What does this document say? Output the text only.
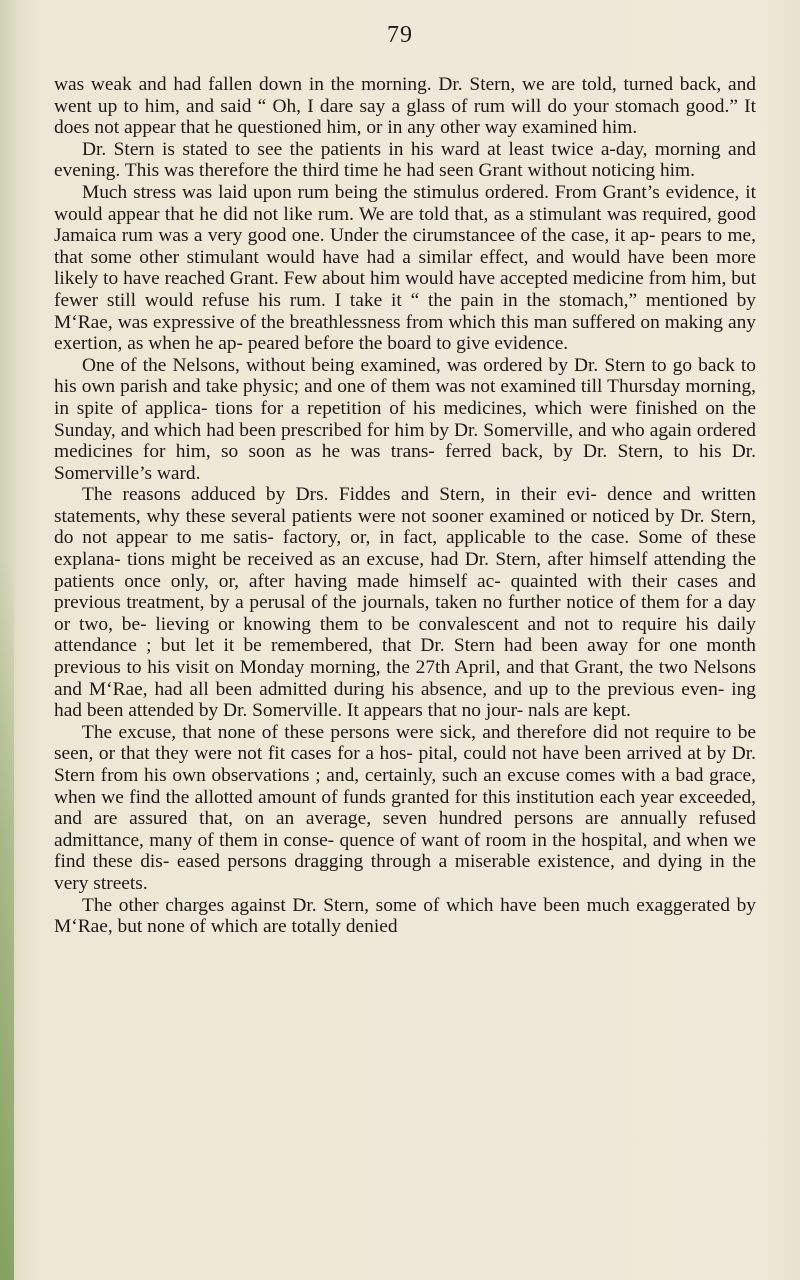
79

was weak and had fallen down in the morning. Dr. Stern, we are told, turned back, and went up to him, and said “ Oh, I dare say a glass of rum will do your stomach good.” It does not appear that he questioned him, or in any other way examined him.

Dr. Stern is stated to see the patients in his ward at least twice a-day, morning and evening. This was therefore the third time he had seen Grant without noticing him.

Much stress was laid upon rum being the stimulus ordered. From Grant’s evidence, it would appear that he did not like rum. We are told that, as a stimulant was required, good Jamaica rum was a very good one. Under the cirumstancee of the case, it ap- pears to me, that some other stimulant would have had a similar effect, and would have been more likely to have reached Grant. Few about him would have accepted medicine from him, but fewer still would refuse his rum. I take it “ the pain in the stomach,” mentioned by M‘Rae, was expressive of the breathlessness from which this man suffered on making any exertion, as when he ap- peared before the board to give evidence.

One of the Nelsons, without being examined, was ordered by Dr. Stern to go back to his own parish and take physic; and one of them was not examined till Thursday morning, in spite of applica- tions for a repetition of his medicines, which were finished on the Sunday, and which had been prescribed for him by Dr. Somerville, and who again ordered medicines for him, so soon as he was trans- ferred back, by Dr. Stern, to his Dr. Somerville’s ward.

The reasons adduced by Drs. Fiddes and Stern, in their evi- dence and written statements, why these several patients were not sooner examined or noticed by Dr. Stern, do not appear to me satis- factory, or, in fact, applicable to the case. Some of these explana- tions might be received as an excuse, had Dr. Stern, after himself attending the patients once only, or, after having made himself ac- quainted with their cases and previous treatment, by a perusal of the journals, taken no further notice of them for a day or two, be- lieving or knowing them to be convalescent and not to require his daily attendance ; but let it be remembered, that Dr. Stern had been away for one month previous to his visit on Monday morning, the 27th April, and that Grant, the two Nelsons and M‘Rae, had all been admitted during his absence, and up to the previous even- ing had been attended by Dr. Somerville. It appears that no jour- nals are kept.

The excuse, that none of these persons were sick, and therefore did not require to be seen, or that they were not fit cases for a hos- pital, could not have been arrived at by Dr. Stern from his own observations ; and, certainly, such an excuse comes with a bad grace, when we find the allotted amount of funds granted for this institution each year exceeded, and are assured that, on an average, seven hundred persons are annually refused admittance, many of them in conse- quence of want of room in the hospital, and when we find these dis- eased persons dragging through a miserable existence, and dying in the very streets.

The other charges against Dr. Stern, some of which have been much exaggerated by M‘Rae, but none of which are totally denied
